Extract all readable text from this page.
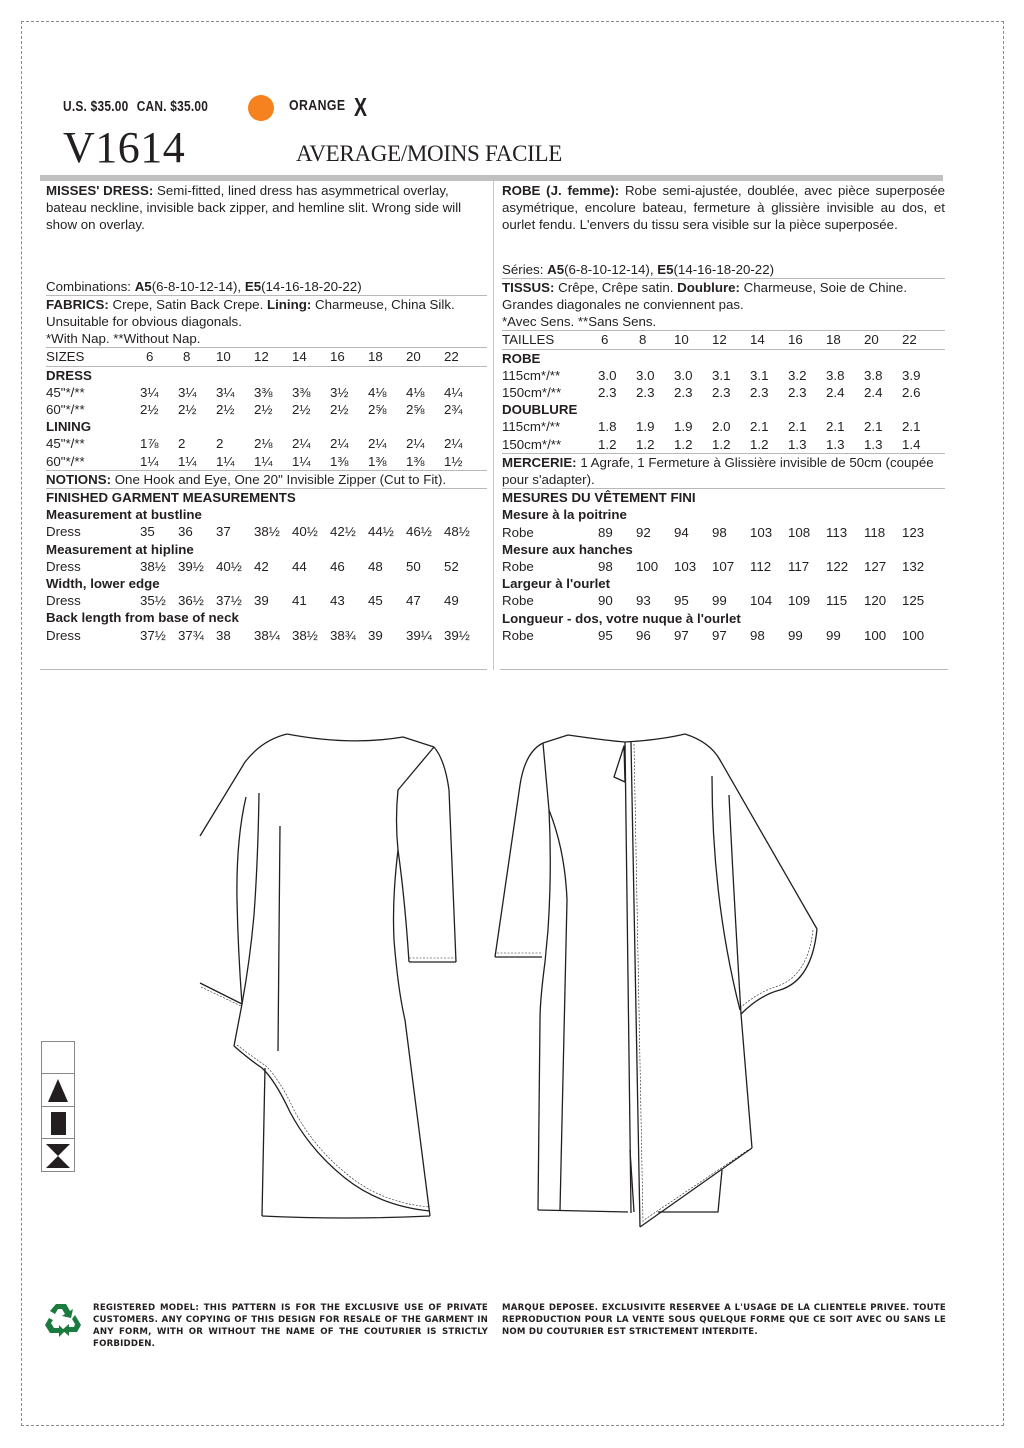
U.S. $35.00 CAN. $35.00	ORANGE X
V1614	AVERAGE/MOINS FACILE
MISSES' DRESS: Semi-fitted, lined dress has asymmetrical overlay, bateau neckline, invisible back zipper, and hemline slit. Wrong side will show on overlay.
Combinations: A5(6-8-10-12-14), E5(14-16-18-20-22)
FABRICS: Crepe, Satin Back Crepe. Lining: Charmeuse, China Silk.
Unsuitable for obvious diagonals.
*With Nap. **Without Nap.
SIZES	6	8	10	12	14	16	18	20	22
DRESS
45"*/**	3¼	3¼	3¼	3⅜	3⅜	3½	4⅛	4⅛	4¼
60"*/**	2½	2½	2½	2½	2½	2½	2⅝	2⅝	2¾
LINING
45"*/**	1⅞	2	2	2⅛	2¼	2¼	2¼	2¼	2¼
60"*/**	1¼	1¼	1¼	1¼	1¼	1⅜	1⅜	1⅜	1½
NOTIONS: One Hook and Eye, One 20" Invisible Zipper (Cut to Fit).
FINISHED GARMENT MEASUREMENTS
Measurement at bustline
Dress	35	36	37	38½ 40½ 42½ 44½ 46½ 48½
Measurement at hipline
Dress	38½ 39½ 40½ 42	44	46	48	50	52
Width, lower edge
Dress	35½ 36½ 37½ 39	41	43	45	47	49
Back length from base of neck
Dress	37½ 37¾ 38	38¼ 38½ 38¾ 39	39¼ 39½
ROBE (J. femme): Robe semi-ajustée, doublée, avec pièce superposée asymétrique, encolure bateau, fermeture à glissière invisible au dos, et ourlet fendu. L'envers du tissu sera visible sur la pièce superposée.
Séries: A5(6-8-10-12-14), E5(14-16-18-20-22)
TISSUS: Crêpe, Crêpe satin. Doublure: Charmeuse, Soie de Chine.
Grandes diagonales ne conviennent pas.
*Avec Sens. **Sans Sens.
TAILLES	6	8	10	12	14	16	18	20	22
ROBE
115cm*/**	3.0	3.0	3.0	3.1	3.1	3.2	3.8	3.8	3.9
150cm*/**	2.3	2.3	2.3	2.3	2.3	2.3	2.4	2.4	2.6
DOUBLURE
115cm*/**	1.8	1.9	1.9	2.0	2.1	2.1	2.1	2.1	2.1
150cm*/**	1.2	1.2	1.2	1.2	1.2	1.3	1.3	1.3	1.4
MERCERIE: 1 Agrafe, 1 Fermeture à Glissière invisible de 50cm (coupée pour s'adapter).
MESURES DU VÊTEMENT FINI
Mesure à la poitrine
Robe	89	92	94	98	103	108	113	118	123
Mesure aux hanches
Robe	98	100	103	107	112	117	122	127	132
Largeur à l'ourlet
Robe	90	93	95	99	104	109	115	120	125
Longueur - dos, votre nuque à l'ourlet
Robe	95	96	97	97	98	99	99	100	100
REGISTERED MODEL: THIS PATTERN IS FOR THE EXCLUSIVE USE OF PRIVATE CUSTOMERS. ANY COPYING OF THIS DESIGN FOR RESALE OF THE GARMENT IN ANY FORM, WITH OR WITHOUT THE NAME OF THE COUTURIER IS STRICTLY FORBIDDEN.
MARQUE DEPOSEE. EXCLUSIVITE RESERVEE A L'USAGE DE LA CLIENTELE PRIVEE. TOUTE REPRODUCTION POUR LA VENTE SOUS QUELQUE FORME QUE CE SOIT AVEC OU SANS LE NOM DU COUTURIER EST STRICTEMENT INTERDITE.
